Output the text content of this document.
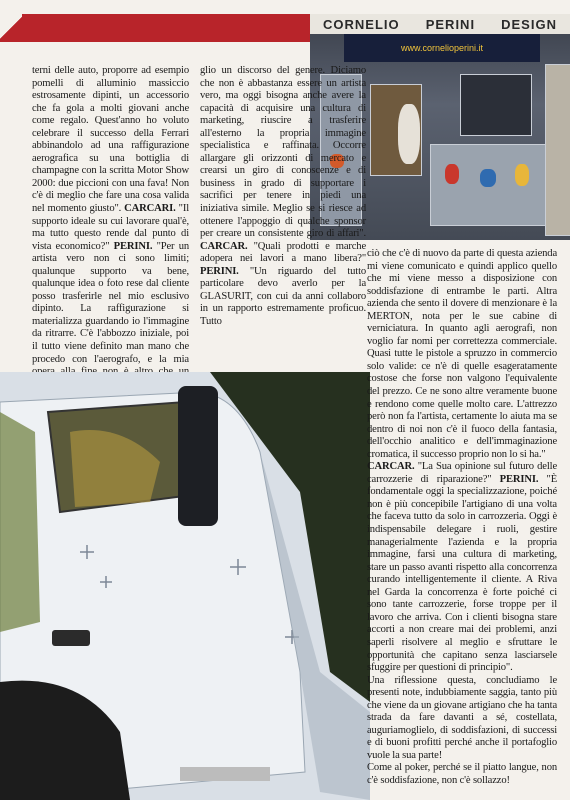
CORNELIO PERINI DESIGN
www.cornelioperini.it

terni delle auto, proporre ad esempio pomelli di alluminio massiccio estrosamente dipinti, un accessorio che fa gola a molti giovani anche come regalo. Quest'anno ho voluto celebrare il successo della Ferrari abbinandolo ad una raffigurazione aerografica su una bottiglia di champagne con la scritta Motor Show 2000: due piccioni con una fava! Non c'è di meglio che fare una cosa valida nel momento giusto". CARCARI. "Il supporto ideale su cui lavorare qual'è, ma tutto questo rende dal punto di vista economico?" PERINI. "Per un artista vero non ci sono limiti; qualunque supporto va bene, qualunque idea o foto rese dal cliente posso trasferirle nel mio esclusivo dipinto. La raffigurazione si materializza guardando io l'immagine da ritrarre. C'è l'abbozzo iniziale, poi il tutto viene definito man mano che procedo con l'aerografo, e la mia

glio un discorso del genere. Diciamo che non è abbastanza essere un artista vero, ma oggi bisogna anche avere la capacità di acquisire una cultura di marketing, riuscire a trasferire all'esterno la propria immagine specialistica e raffinata. Occorre allargare gli orizzonti di mercato e crearsi un giro di conoscenze e di business in grado di supportare i sacrifici per tenere in piedi una iniziativa simile. Meglio se si riesce ad ottenere l'appoggio di qualche sponsor per creare un consistente giro di affari". CARCAR. "Quali prodotti e marche adopera nei lavori a mano libera?" PERINI. "Un riguardo del tutto particolare devo averlo per la GLASURIT, con cui da anni collaboro in un rapporto estremamente proficuo. Tutto

ciò che c'è di nuovo da parte di questa azienda mi viene comunicato e quindi applico quello che mi viene messo a disposizione con soddisfazione di entrambe le parti. Altra azienda che sento il dovere di menzionare è la MERTON, nota per le sue cabine di verniciatura. In quanto agli aerografi, non voglio far nomi per correttezza commerciale. Quasi tutte le pistole a spruzzo in commercio solo valide: ce n'è di quelle esageratamente costose che forse non valgono l'equivalente del prezzo. Ce ne sono altre veramente buone e rendono come quelle molto care. L'attrezzo però non fa l'artista, certamente lo aiuta ma se dentro di noi non c'è il fuoco della fantasia, dell'occhio analitico e dell'immaginazione cromatica, il successo proprio non lo si ha."

CARCAR. "La Sua opinione sul futuro delle carrozzerie di riparazione?" PERINI. "È fondamentale oggi la specializzazione, poiché non è più concepibile l'artigiano di una volta che faceva tutto da solo in carrozzeria. Oggi è indispensabile delegare i ruoli, gestire managerialmente l'azienda e la propria immagine, farsi una cultura di marketing, stare un passo avanti rispetto alla concorrenza curando intelligentemente il cliente. A Riva nel Garda la concorrenza è forte poiché ci sono tante carrozzerie, forse troppe per il lavoro che arriva. Con i clienti bisogna stare accorti a non creare mai dei problemi, anzi saperli risolvere al meglio e sfruttare le opportunità che capitano senza lasciarsele sfuggire per questioni di principio".

Una riflessione questa, concludiamo le presenti note, indubbiamente saggia, tanto più che viene da un giovane artigiano che ha tanta strada da fare davanti a sé, costellata, auguriamoglielo, di soddisfazioni, di successi e di buoni profitti perché anche il portafoglio vuole la sua parte!

Come al poker, perché se il piatto langue, non c'è soddisfazione, non c'è sollazzo!
